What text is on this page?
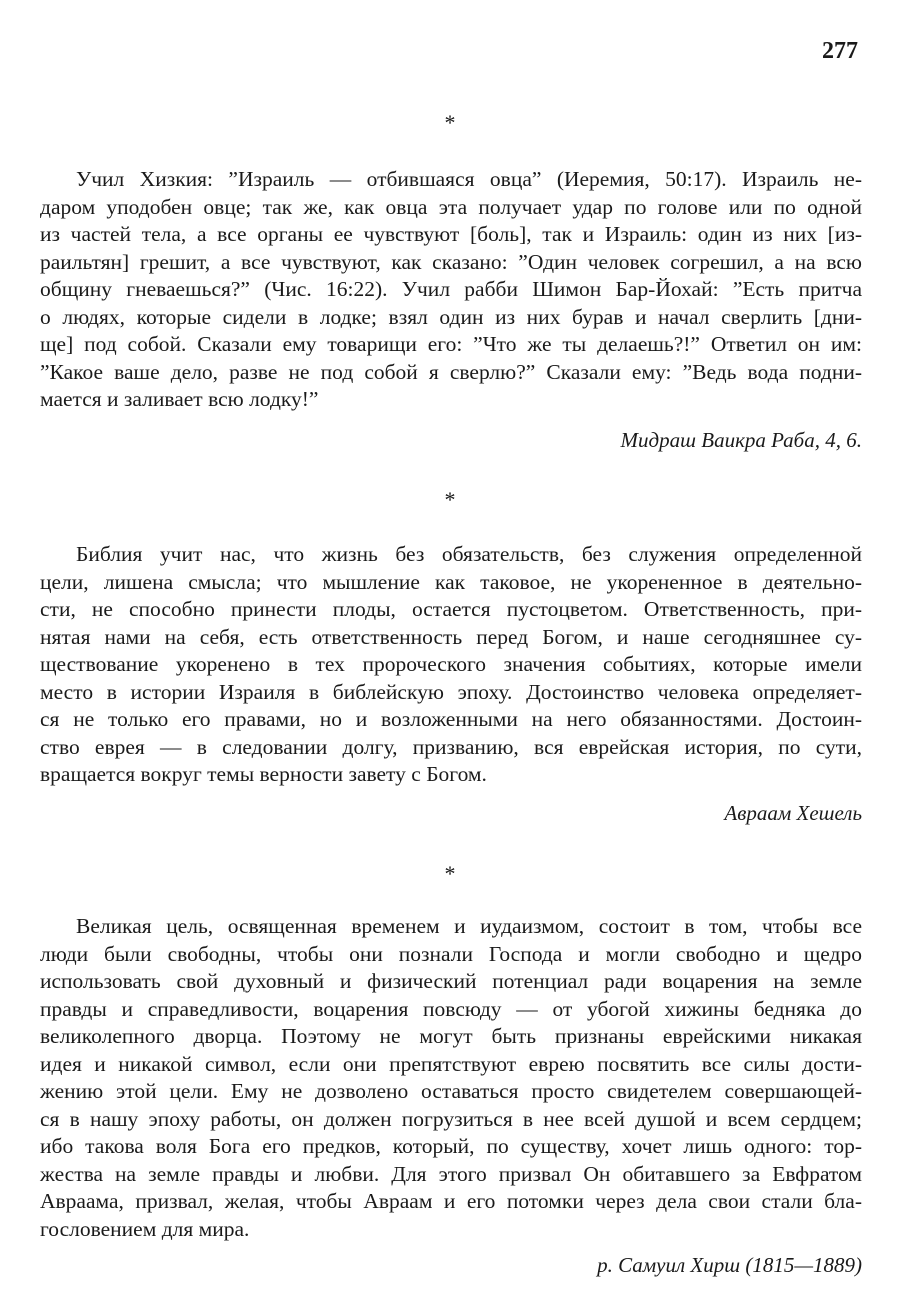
277
*
Учил Хизкия: ”Израиль — отбившаяся овца” (Иеремия, 50:17). Израиль не-
даром уподобен овце; так же, как овца эта получает удар по голове или по одной
из частей тела, а все органы ее чувствуют [боль], так и Израиль: один из них [из-
раильтян] грешит, а все чувствуют, как сказано: ”Один человек согрешил, а на всю
общину гневаешься?” (Чис. 16:22). Учил рабби Шимон Бар-Йохай: ”Есть притча
о людях, которые сидели в лодке; взял один из них бурав и начал сверлить [дни-
ще] под собой. Сказали ему товарищи его: ”Что же ты делаешь?!” Ответил он им:
”Какое ваше дело, разве не под собой я сверлю?” Сказали ему: ”Ведь вода подни-
мается и заливает всю лодку!”
Мидраш Ваикра Раба, 4, 6.
*
Библия учит нас, что жизнь без обязательств, без служения определенной
цели, лишена смысла; что мышление как таковое, не укорененное в деятельно-
сти, не способно принести плоды, остается пустоцветом. Ответственность, при-
нятая нами на себя, есть ответственность перед Богом, и наше сегодняшнее су-
ществование укоренено в тех пророческого значения событиях, которые имели
место в истории Израиля в библейскую эпоху. Достоинство человека определяет-
ся не только его правами, но и возложенными на него обязанностями. Достоин-
ство еврея — в следовании долгу, призванию, вся еврейская история, по сути,
вращается вокруг темы верности завету с Богом.
Авраам Хешель
*
Великая цель, освященная временем и иудаизмом, состоит в том, чтобы все
люди были свободны, чтобы они познали Господа и могли свободно и щедро
использовать свой духовный и физический потенциал ради воцарения на земле
правды и справедливости, воцарения повсюду — от убогой хижины бедняка до
великолепного дворца. Поэтому не могут быть признаны еврейскими никакая
идея и никакой символ, если они препятствуют еврею посвятить все силы дости-
жению этой цели. Ему не дозволено оставаться просто свидетелем совершающей-
ся в нашу эпоху работы, он должен погрузиться в нее всей душой и всем сердцем;
ибо такова воля Бога его предков, который, по существу, хочет лишь одного: тор-
жества на земле правды и любви. Для этого призвал Он обитавшего за Евфратом
Авраама, призвал, желая, чтобы Авраам и его потомки через дела свои стали бла-
гословением для мира.
р. Самуил Хирш (1815—1889)
